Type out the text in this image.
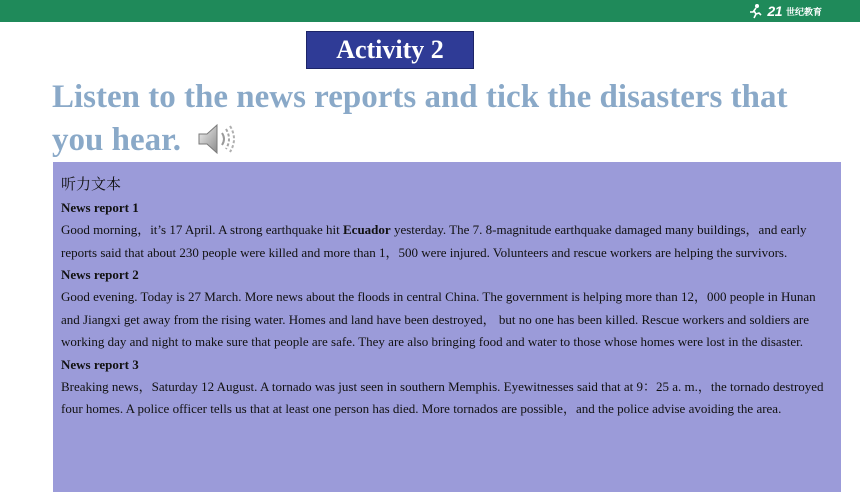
21 世纪教育
Activity 2
Listen to the news reports and tick the disasters that you hear.
听力文本
News report 1
Good morning，it’s 17 April. A strong earthquake hit Ecuador yesterday. The 7. 8-magnitude earthquake damaged many buildings，and early reports said that about 230 people were killed and more than 1，500 were injured. Volunteers and rescue workers are helping the survivors.
News report 2
Good evening. Today is 27 March. More news about the floods in central China. The government is helping more than 12，000 people in Hunan and Jiangxi get away from the rising water. Homes and land have been destroyed， but no one has been killed. Rescue workers and soldiers are working day and night to make sure that people are safe. They are also bringing food and water to those whose homes were lost in the disaster.
News report 3
Breaking news，Saturday 12 August. A tornado was just seen in southern Memphis. Eyewitnesses said that at 9：25 a. m.，the tornado destroyed four homes. A police officer tells us that at least one person has died. More tornados are possible，and the police advise avoiding the area.
